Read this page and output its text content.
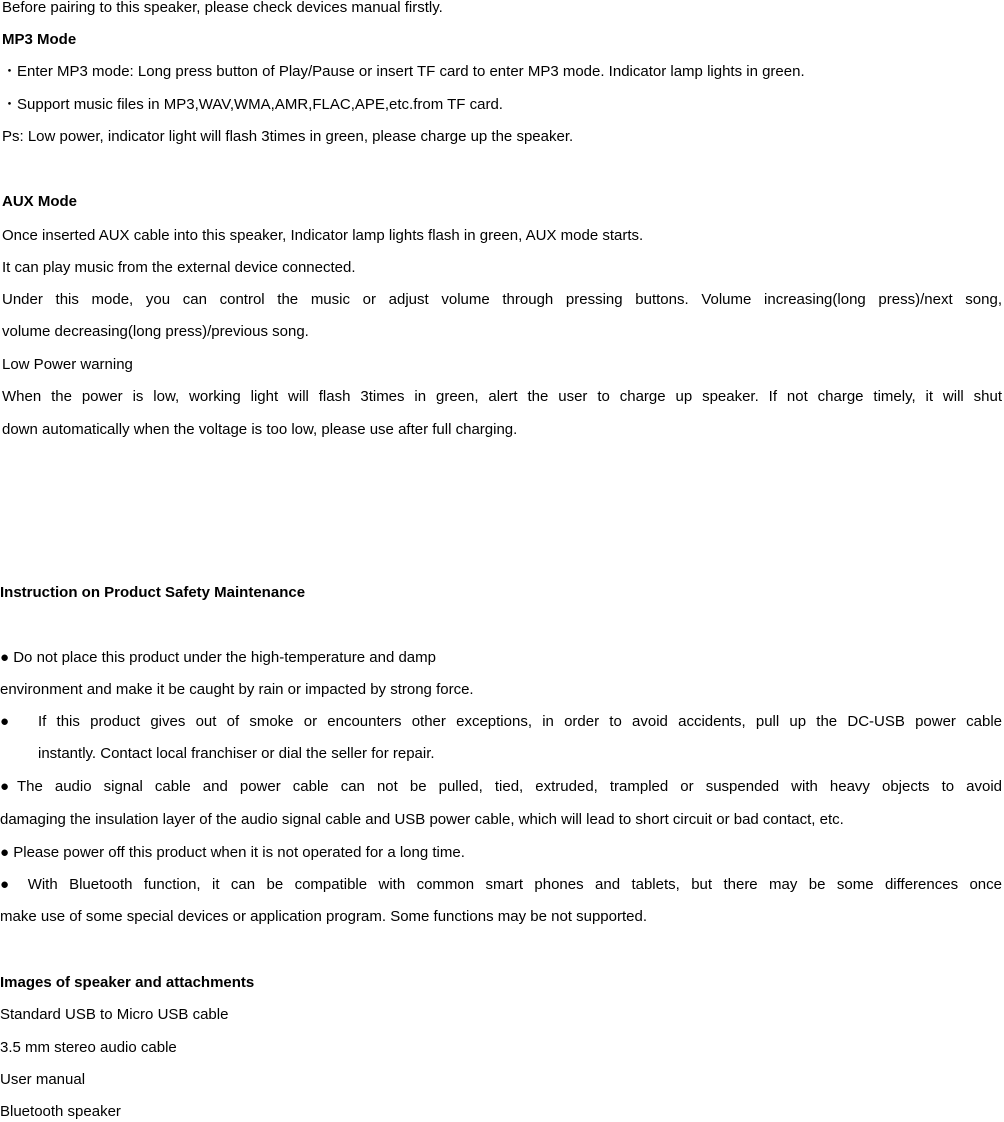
Before pairing to this speaker, please check devices manual firstly.
MP3 Mode
・Enter MP3 mode: Long press button of Play/Pause or insert TF card to enter MP3 mode. Indicator lamp lights in green.
・Support music files in MP3,WAV,WMA,AMR,FLAC,APE,etc.from TF card.
Ps: Low power, indicator light will flash 3times in green, please charge up the speaker.
AUX Mode
Once inserted AUX cable into this speaker, Indicator lamp lights flash in green, AUX mode starts.
It can play music from the external device connected.
Under this mode, you can control the music or adjust volume through pressing buttons. Volume increasing(long press)/next song,
volume decreasing(long press)/previous song.
Low Power warning
When the power is low, working light will flash 3times in green, alert the user to charge up speaker. If not charge timely, it will shut
down automatically when the voltage is too low, please use after full charging.
Instruction on Product Safety Maintenance
● Do not place this product under the high-temperature and damp
environment and make it be caught by rain or impacted by strong force.
● If this product gives out of smoke or encounters other exceptions, in order to avoid accidents, pull up the DC-USB power cable
instantly. Contact local franchiser or dial the seller for repair.
●The audio signal cable and power cable can not be pulled, tied, extruded, trampled or suspended with heavy objects to avoid
damaging the insulation layer of the audio signal cable and USB power cable, which will lead to short circuit or bad contact, etc.
● Please power off this product when it is not operated for a long time.
● With Bluetooth function, it can be compatible with common smart phones and tablets, but there may be some differences once
make use of some special devices or application program. Some functions may be not supported.
Images of speaker and attachments
Standard USB to Micro USB cable
3.5 mm stereo audio cable
User manual
Bluetooth speaker
